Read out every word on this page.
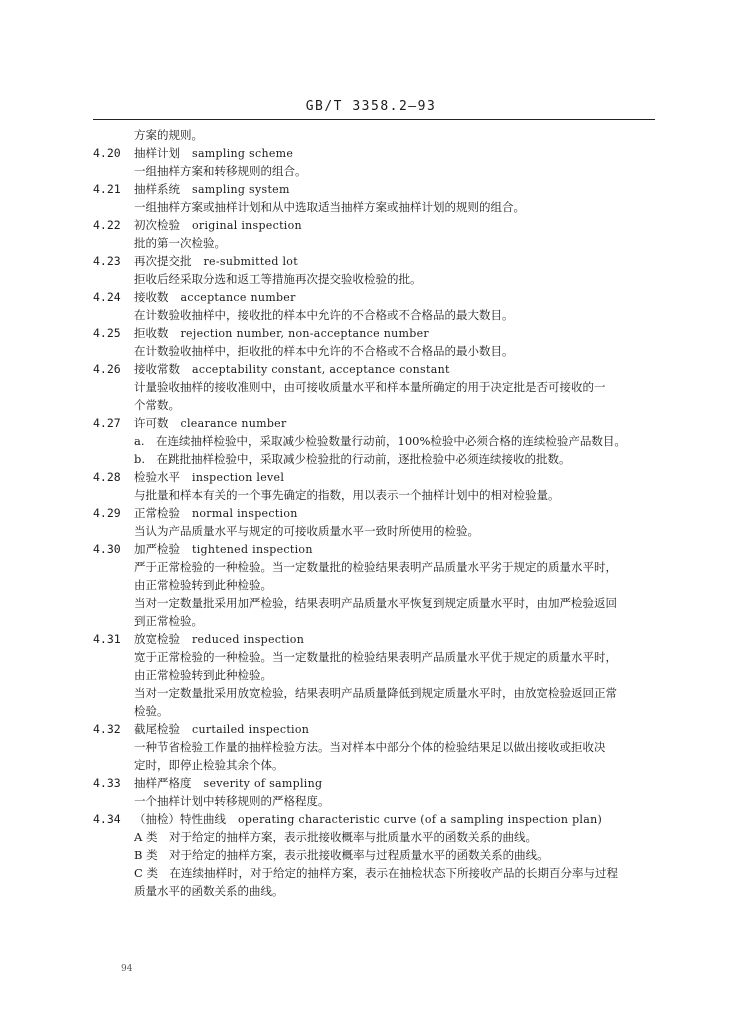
GB/T 3358.2—93
方案的规则。
4.20	抽样计划 sampling scheme
一组抽样方案和转移规则的组合。
4.21	抽样系统 sampling system
一组抽样方案或抽样计划和从中选取适当抽样方案或抽样计划的规则的组合。
4.22	初次检验 original inspection
批的第一次检验。
4.23	再次提交批 re-submitted lot
拒收后经采取分选和返工等措施再次提交验收检验的批。
4.24	接收数 acceptance number
在计数验收抽样中，接收批的样本中允许的不合格或不合格品的最大数目。
4.25	拒收数 rejection number, non-acceptance number
在计数验收抽样中，拒收批的样本中允许的不合格或不合格品的最小数目。
4.26	接收常数 acceptability constant, acceptance constant
计量验收抽样的接收准则中，由可接收质量水平和样本量所确定的用于决定批是否可接收的一
个常数。
4.27	许可数 clearance number
a.　在连续抽样检验中，采取减少检验数量行动前，100%检验中必须合格的连续检验产品数目。
b.　在跳批抽样检验中，采取减少检验批的行动前，逐批检验中必须连续接收的批数。
4.28	检验水平 inspection level
与批量和样本有关的一个事先确定的指数，用以表示一个抽样计划中的相对检验量。
4.29	正常检验 normal inspection
当认为产品质量水平与规定的可接收质量水平一致时所使用的检验。
4.30	加严检验 tightened inspection
严于正常检验的一种检验。当一定数量批的检验结果表明产品质量水平劣于规定的质量水平时，
由正常检验转到此种检验。
当对一定数量批采用加严检验，结果表明产品质量水平恢复到规定质量水平时，由加严检验返回
到正常检验。
4.31	放宽检验 reduced inspection
宽于正常检验的一种检验。当一定数量批的检验结果表明产品质量水平优于规定的质量水平时，
由正常检验转到此种检验。
当对一定数量批采用放宽检验，结果表明产品质量降低到规定质量水平时，由放宽检验返回正常
检验。
4.32	截尾检验 curtailed inspection
一种节省检验工作量的抽样检验方法。当对样本中部分个体的检验结果足以做出接收或拒收决
定时，即停止检验其余个体。
4.33	抽样严格度 severity of sampling
一个抽样计划中转移规则的严格程度。
4.34	（抽检）特性曲线 operating characteristic curve (of a sampling inspection plan)
A 类　对于给定的抽样方案，表示批接收概率与批质量水平的函数关系的曲线。
B 类　对于给定的抽样方案，表示批接收概率与过程质量水平的函数关系的曲线。
C 类　在连续抽样时，对于给定的抽样方案，表示在抽检状态下所接收产品的长期百分率与过程
质量水平的函数关系的曲线。
94
